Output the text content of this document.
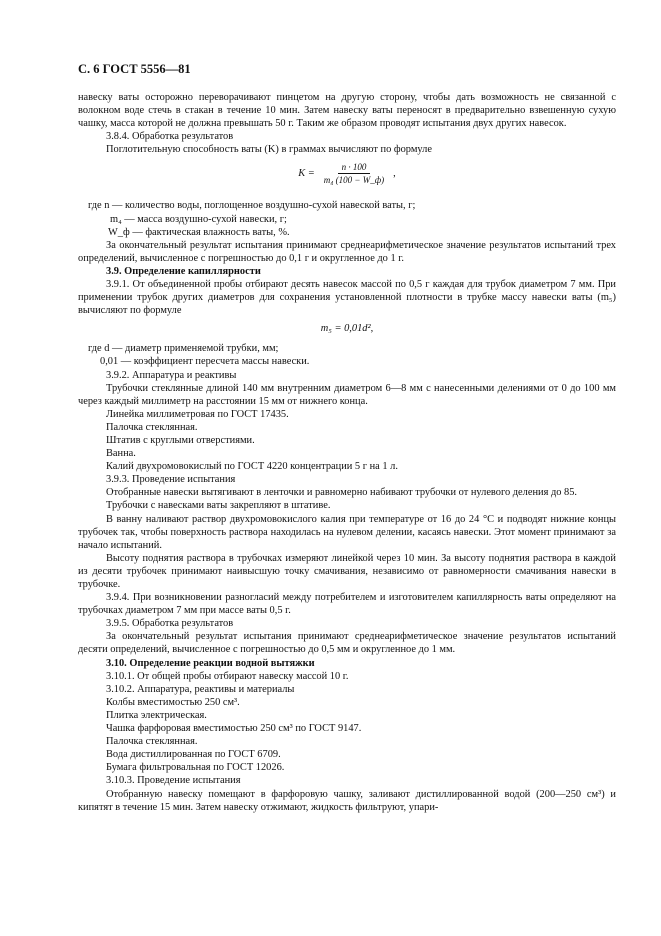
С. 6 ГОСТ 5556—81

навеску ваты осторожно переворачивают пинцетом на другую сторону, чтобы дать возможность не связанной с волокном воде стечь в стакан в течение 10 мин. Затем навеску ваты переносят в предварительно взвешенную сухую чашку, масса которой не должна превышать 50 г. Таким же образом проводят испытания двух других навесок.

3.8.4. Обработка результатов

Поглотительную способность ваты (K) в граммах вычисляют по формуле

$K = \frac{n \cdot 100}{\text{m₄ (100 − W\_ф)}}$ ,

где n — количество воды, поглощенное воздушно-сухой навеской ваты, г;

m₄ — масса воздушно-сухой навески, г;

W_ф — фактическая влажность ваты, %.

За окончательный результат испытания принимают среднеарифметическое значение результатов испытаний трех определений, вычисленное с погрешностью до 0,1 г и округленное до 1 г.

3.9. Определение капиллярности

3.9.1. От объединенной пробы отбирают десять навесок массой по 0,5 г каждая для трубок диаметром 7 мм. При применении трубок других диаметров для сохранения установленной плотности в трубке массу навески ваты (m₅) вычисляют по формуле

m₅ = 0,01d²,

где d — диаметр применяемой трубки, мм;

0,01 — коэффициент пересчета массы навески.

3.9.2. Аппаратура и реактивы

Трубочки стеклянные длиной 140 мм внутренним диаметром 6—8 мм с нанесенными делениями от 0 до 100 мм через каждый миллиметр на расстоянии 15 мм от нижнего конца.

Линейка миллиметровая по ГОСТ 17435.

Палочка стеклянная.

Штатив с круглыми отверстиями.

Ванна.

Калий двухромовокислый по ГОСТ 4220 концентрации 5 г на 1 л.

3.9.3. Проведение испытания

Отобранные навески вытягивают в ленточки и равномерно набивают трубочки от нулевого деления до 85.

Трубочки с навесками ваты закрепляют в штативе.

В ванну наливают раствор двухромовокислого калия при температуре от 16 до 24 °С и подводят нижние концы трубочек так, чтобы поверхность раствора находилась на нулевом делении, касаясь навески. Этот момент принимают за начало испытаний.

Высоту поднятия раствора в трубочках измеряют линейкой через 10 мин. За высоту поднятия раствора в каждой из десяти трубочек принимают наивысшую точку смачивания, независимо от равномерности смачивания навески в трубочке.

3.9.4. При возникновении разногласий между потребителем и изготовителем капиллярность ваты определяют на трубочках диаметром 7 мм при массе ваты 0,5 г.

3.9.5. Обработка результатов

За окончательный результат испытания принимают среднеарифметическое значение результатов испытаний десяти определений, вычисленное с погрешностью до 0,5 мм и округленное до 1 мм.

3.10. Определение реакции водной вытяжки

3.10.1. От общей пробы отбирают навеску массой 10 г.

3.10.2. Аппаратура, реактивы и материалы

Колбы вместимостью 250 см³.

Плитка электрическая.

Чашка фарфоровая вместимостью 250 см³ по ГОСТ 9147.

Палочка стеклянная.

Вода дистиллированная по ГОСТ 6709.

Бумага фильтровальная по ГОСТ 12026.

3.10.3. Проведение испытания

Отобранную навеску помещают в фарфоровую чашку, заливают дистиллированной водой (200—250 см³) и кипятят в течение 15 мин. Затем навеску отжимают, жидкость фильтруют, упари-
